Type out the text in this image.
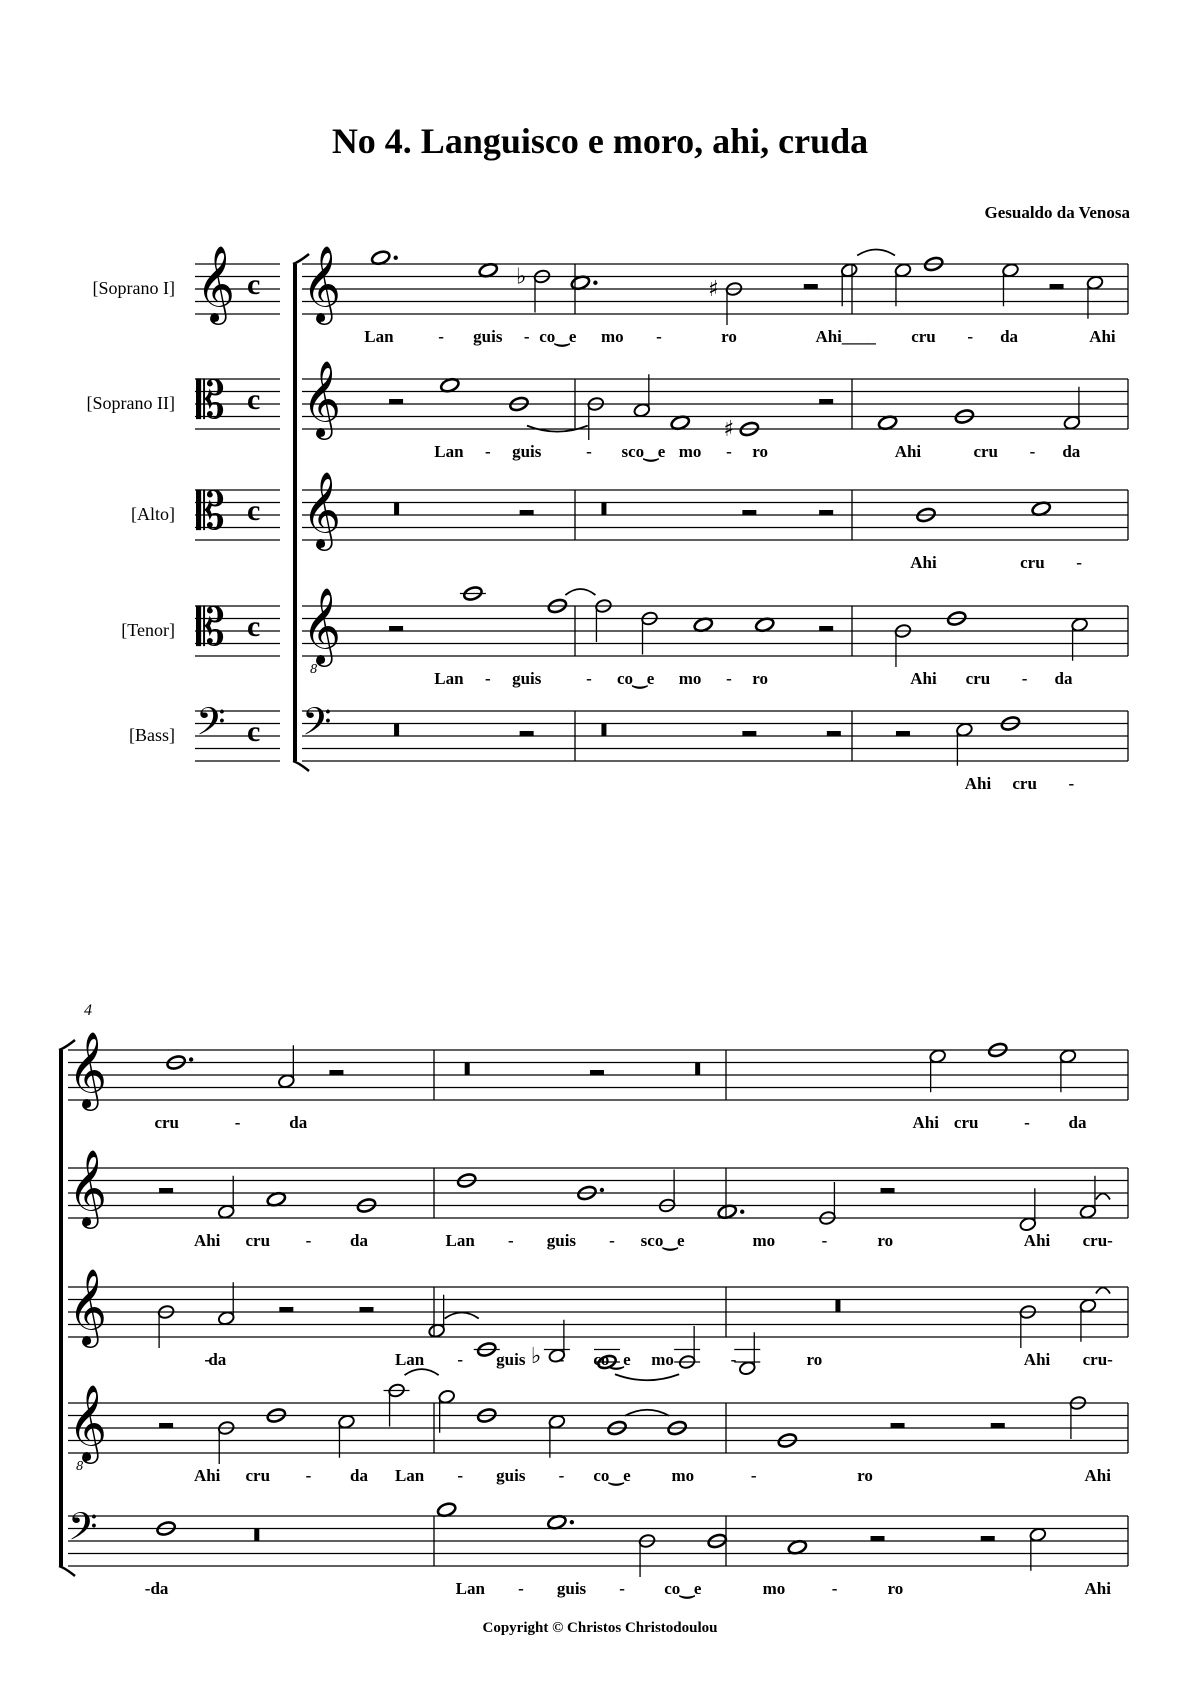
No 4. Languisco e moro, ahi, cruda
Gesualdo da Venosa
[Soprano I] 𝄞 c
[Soprano II] 𝄡 c
[Alto] 𝄡 c
[Tenor] 𝄡 c
[Bass] 𝄢 c
𝄞	♭	♯
Lan	- guis - co‿e mo -	ro	Ahi____ cru - da	Ahi
𝄞	♯
Lan - guis	- sco‿e mo - ro	Ahi	cru - da
𝄞
Ahi	cru -
𝄞
8	Lan - guis	- co‿e mo - ro	Ahi cru - da
𝄢
Ahi cru -
𝄞
cru	-	da	Ahi cru	- da
𝄞
Ahi cru - da	Lan - guis - sco‿e	mo	-	ro	Ahi cru-
𝄞
♭
-
da	Lan - guis - co‿e mo	-	ro	Ahi cru-
𝄞
8	Ahi cru - da Lan - guis - co‿e mo	-	ro	Ahi
𝄢
-da	Lan - guis - co‿e	mo	-	ro	Ahi
4
Copyright © Christos Christodoulou
